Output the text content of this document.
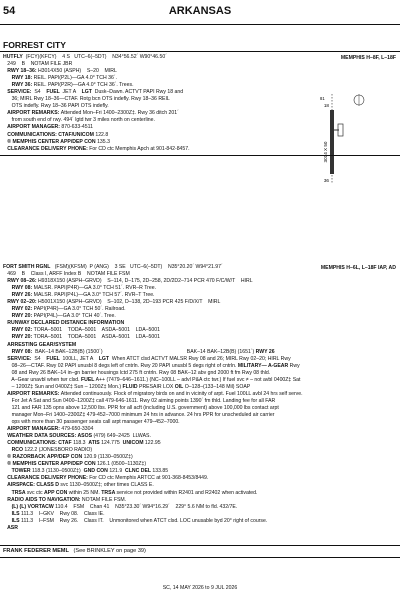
54	ARKANSAS
FORREST CITY
HUTFLY  (FCY)(KFCY)    4 S   UTC–6(–5DT)    N34°56.52´ W90°46.50´
249    B    NOTAM FILE JBR
RWY 18–36: H3014X50 (ASPH)    S–20    MIRL
RWY 18: REIL. PAPI(P2L)—GA 4.0° TCH 36´.
RWY 36: REIL. PAPI(P2R)—GA 4.0° TCH 36´. Trees.
SERVICE:  S4    FUEL  JET A    LGT  Dusk–Dawn. ACTVT PAPI Rwy 18 and
36; MIRL Rwy 18–36—CTAF. Rotg bcn OTS indefly. Rwy 18–36 REIL
OTS indefly. Rwy 18–36 PAPI OTS indefly.
AIRPORT REMARKS: Attended Mon–Fri 1400–2300Z‡. Rwy 36 ditch 201´
from south end of rwy. 494´ lgtd twr 3 miles north on centerline.
AIRPORT MANAGER: 870-633-4511
COMMUNICATIONS: CTAF/UNICOM 122.8
® MEMPHIS CENTER APP/DEP CON 135.3
CLEARANCE DELIVERY PHONE: For CD ctc Memphis Apch at 901-842-8457.
MEMPHIS H–8F, L–18F
18
81
36
3014 X 50
FORT SMITH RGNL   (FSM)(KFSM)  P (ANG)    3 SE   UTC–6(–5DT)    N35°20.20´ W94°21.97´
469    B    Class I, ARFF Index B    NOTAM FILE FSM
RWY 08–26: H9318X150 (ASPH–GRVD)    S–114, D–175, 2D–258, 2D/2D2–714 PCR 470 F/C/W/T    HIRL
RWY 08: MALSR. PAPI(P4R)—GA 3.0° TCH 51´. RVR–R Tree.
RWY 26: MALSR. PAPI(P4L)—GA 3.0° TCH 57´. RVR–T Tree.
RWY 02–20: H5001X150 (ASPH–GRVD)    S–102, D–138, 2D–193 PCR 425 F/D/X/T    MIRL
RWY 02: PAPI(P4R)—GA 3.0° TCH 50´. Railroad.
RWY 20: PAPI(P4L)—GA 3.0° TCH 40´. Tree.
RUNWAY DECLARED DISTANCE INFORMATION
RWY 02: TORA–5001    TODA–5001    ASDA–5001    LDA–5001
RWY 20: TORA–5001    TODA–5001    ASDA–5001    LDA–5001
ARRESTING GEAR/SYSTEM
RWY 08:  BAK–14 BAK–12B(B) (1500´)                                                           BAK–14 BAK–12B(B) (1651´) RWY 26
SERVICE:  S4    FUEL  100LL, JET A    LGT  When ATCT clsd ACTVT MALSR Rwy 08 and 26; MIRL Rwy 02–20; HIRL Rwy
08–26—CTAF. Rwy 02 PAPI unusbl 8 degs left of cntrln. Rwy 20 PAPI unusbl 5 degs right of cntrln. MILITARY— A-GEAR Rwy
08 and Rwy 26 BAK–14 in–gn barrier housings lctd 275 ft cntrln. Rwy 08 BAK–12 abv gnd 2000 ft fm Rwy 08 thld.
A–Gear unavbl when twr clsd. FUEL A++ (7479–646–1611.) (NC–100LL – advl P&A ctc twr.) If fuel svc ≠ – not avbl 0400Z‡ Sat
– 1200Z‡ Sun and 0400Z‡ Sun – 1200Z‡ Mon.) FLUID PRESAIR LOX OIL O–128–(133–148 Mil) SOAP
AIRPORT REMARKS: Attended continuously. Flock of migratory birds on and in vicinity of arpt. Fuel 100LL avbl 24 hrs self serve.
For Jet A Sat and Sun 0400–1200Z‡ call 479-646-1611. Rwy 02 aiming points 1390´ fm thld. Landing fee for all FAR
121 and FAR 135 opns above 12,500 lbs. PPR for all acft (including U.S. government) above 100,000 lbs contact arpt
manager Mon–Fri 1400–2300Z‡ 479-452–7000 minimum 24 hrs in advance. 24 hrs PPR for unscheduled air carrier
ops with more than 30 passenger seats call arpt manager 479–452–7000.
AIRPORT MANAGER: 479-650-3304
WEATHER DATA SOURCES: ASOS (479) 649–2425  LLWAS.
COMMUNICATIONS: CTAF 118.3  ATIS 124.775  UNICOM 122.95
RCO 122.2 (JONESBORO RADIO)
® RAZORBACK APP/DEP CON 120.9 (1130–0500Z‡)
® MEMPHIS CENTER APP/DEP CON 126.1 (0500–1130Z‡)
TOWER 118.3 (1130–0500Z‡)  GND CON 121.9  CLNC DEL 133.85
CLEARANCE DELIVERY PHONE: For CD ctc Memphis ARTCC at 901-368-8453/8449.
AIRSPACE: CLASS D svc 1130–0500Z‡; other times CLASS E.
TRSA svc ctc APP CON within 25 NM. TRSA service not provided within R2401 and R2402 when activated.
RADIO AIDS TO NAVIGATION: NOTAM FILE FSM.
(L) (L) VORTACW 110.4    FSM    Chan 41    N35°23.30´ W94°16.29´    229° 5.6 NM to fld. 432/7E.
ILS 111.3    I–GKV    Rwy 08.    Class IE.
ILS 111.3    I–FSM    Rwy 26.    Class IT.    Unmonitored when ATCT clsd. LOC unusable byd 20° right of course.
ASR
MEMPHIS H–6L, L–18F IAP, AD
FRANK FEDERER MEML   (See BRINKLEY on page 39)
SC, 14 MAY 2026 to 9 JUL 2026
